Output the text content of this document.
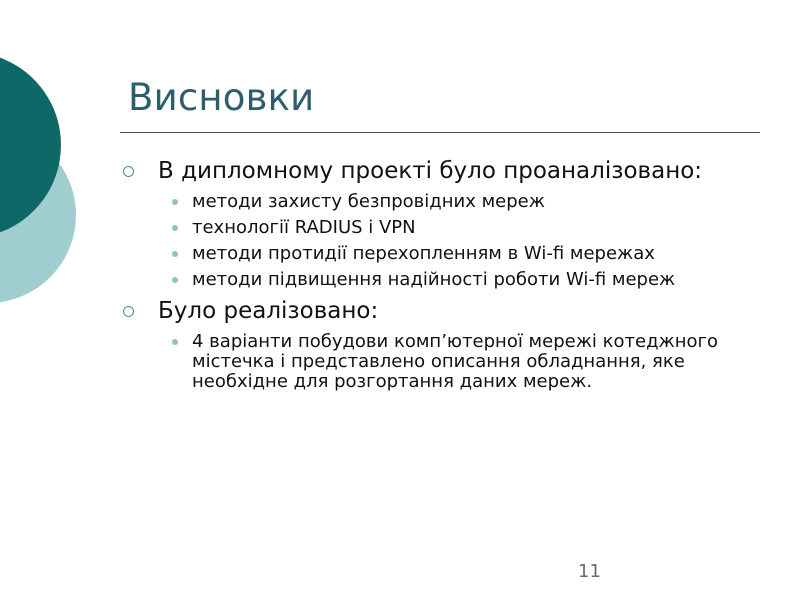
Висновки
В дипломному проекті було проаналізовано:
методи захисту безпровідних мереж
технології RADIUS і VPN
методи протидії перехопленням в Wi-fi мережах
методи підвищення надійності роботи Wi-fi мереж
Було реалізовано:
4 варіанти побудови комп’ютерної мережі котеджного містечка і представлено описання обладнання, яке необхідне для розгортання даних мереж.
11
